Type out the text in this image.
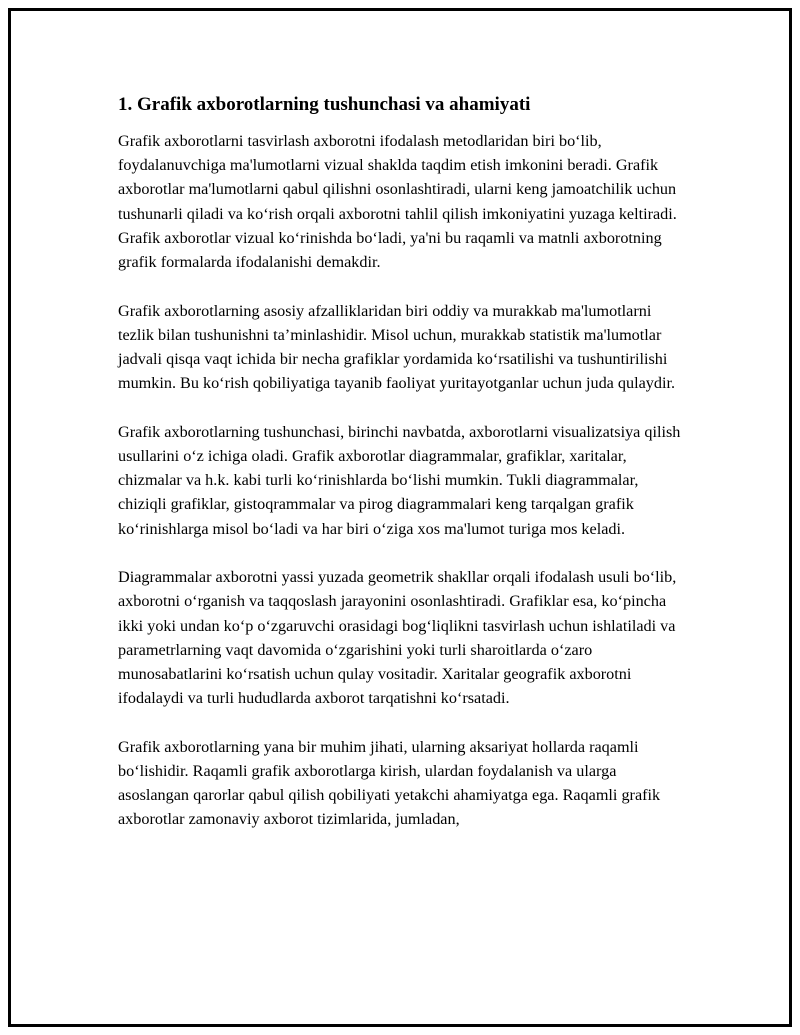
1. Grafik axborotlarning tushunchasi va ahamiyati

Grafik axborotlarni tasvirlash axborotni ifodalash metodlaridan biri bo‘lib, foydalanuvchiga ma'lumotlarni vizual shaklda taqdim etish imkonini beradi. Grafik axborotlar ma'lumotlarni qabul qilishni osonlashtiradi, ularni keng jamoatchilik uchun tushunarli qiladi va ko‘rish orqali axborotni tahlil qilish imkoniyatini yuzaga keltiradi. Grafik axborotlar vizual ko‘rinishda bo‘ladi, ya'ni bu raqamli va matnli axborotning grafik formalarda ifodalanishi demakdir.

Grafik axborotlarning asosiy afzalliklaridan biri oddiy va murakkab ma'lumotlarni tezlik bilan tushunishni ta’minlashidir. Misol uchun, murakkab statistik ma'lumotlar jadvali qisqa vaqt ichida bir necha grafiklar yordamida ko‘rsatilishi va tushuntirilishi mumkin. Bu ko‘rish qobiliyatiga tayanib faoliyat yuritayotganlar uchun juda qulaydir.

Grafik axborotlarning tushunchasi, birinchi navbatda, axborotlarni visualizatsiya qilish usullarini o‘z ichiga oladi. Grafik axborotlar diagrammalar, grafiklar, xaritalar, chizmalar va h.k. kabi turli ko‘rinishlarda bo‘lishi mumkin. Tukli diagrammalar, chiziqli grafiklar, gistoqrammalar va pirog diagrammalari keng tarqalgan grafik ko‘rinishlarga misol bo‘ladi va har biri o‘ziga xos ma'lumot turiga mos keladi.

Diagrammalar axborotni yassi yuzada geometrik shakllar orqali ifodalash usuli bo‘lib, axborotni o‘rganish va taqqoslash jarayonini osonlashtiradi. Grafiklar esa, ko‘pincha ikki yoki undan ko‘p o‘zgaruvchi orasidagi bog‘liqlikni tasvirlash uchun ishlatiladi va parametrlarning vaqt davomida o‘zgarishini yoki turli sharoitlarda o‘zaro munosabatlarini ko‘rsatish uchun qulay vositadir. Xaritalar geografik axborotni ifodalaydi va turli hududlarda axborot tarqatishni ko‘rsatadi.

Grafik axborotlarning yana bir muhim jihati, ularning aksariyat hollarda raqamli bo‘lishidir. Raqamli grafik axborotlarga kirish, ulardan foydalanish va ularga asoslangan qarorlar qabul qilish qobiliyati yetakchi ahamiyatga ega. Raqamli grafik axborotlar zamonaviy axborot tizimlarida, jumladan,
